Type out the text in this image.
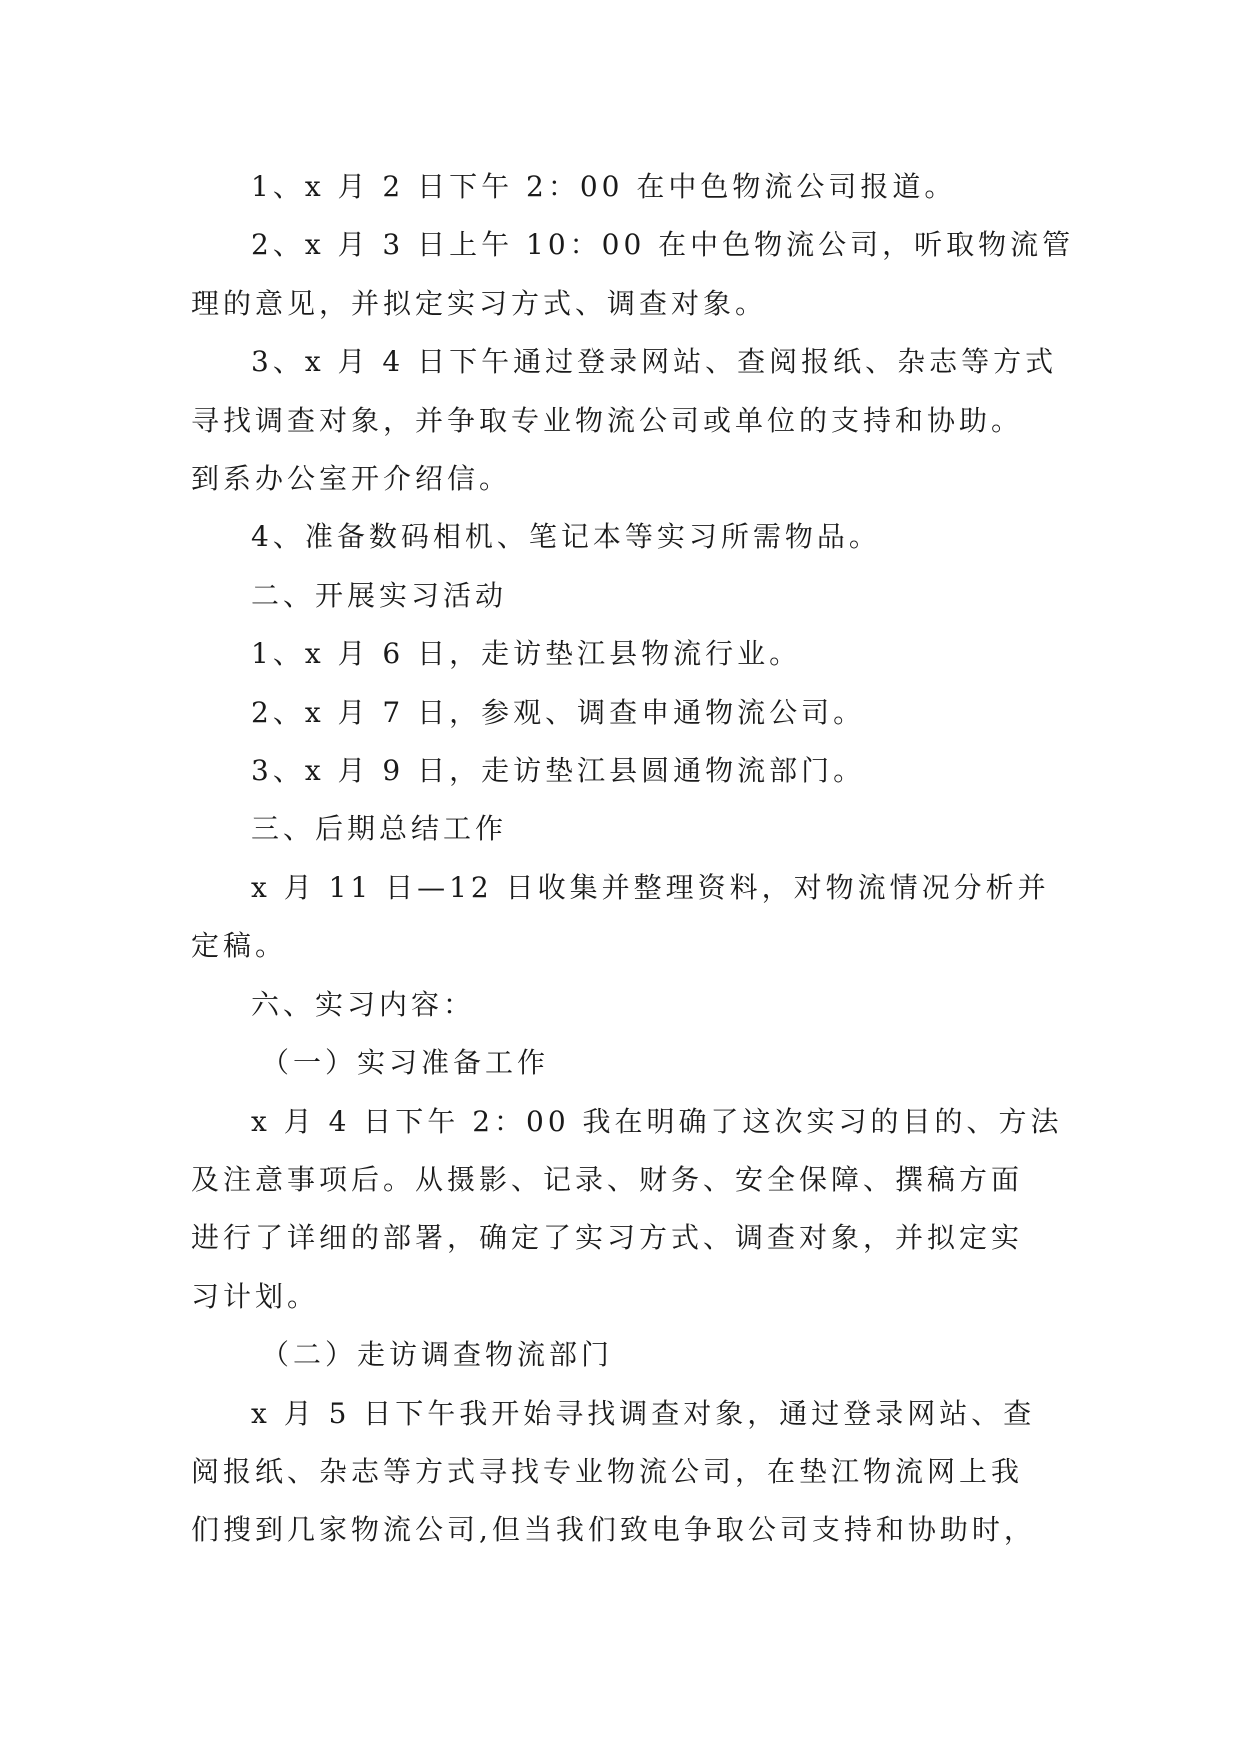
1、x 月 2 日下午 2：00 在中色物流公司报道。

2、x 月 3 日上午 10：00 在中色物流公司，听取物流管

理的意见，并拟定实习方式、调查对象。

3、x 月 4 日下午通过登录网站、查阅报纸、杂志等方式

寻找调查对象，并争取专业物流公司或单位的支持和协助。

到系办公室开介绍信。

4、准备数码相机、笔记本等实习所需物品。

二、开展实习活动

1、x 月 6 日，走访垫江县物流行业。

2、x 月 7 日，参观、调查申通物流公司。

3、x 月 9 日，走访垫江县圆通物流部门。

三、后期总结工作

x 月 11 日—12 日收集并整理资料，对物流情况分析并

定稿。

六、实习内容：

（一）实习准备工作

x 月 4 日下午 2：00 我在明确了这次实习的目的、方法

及注意事项后。从摄影、记录、财务、安全保障、撰稿方面

进行了详细的部署，确定了实习方式、调查对象，并拟定实

习计划。

（二）走访调查物流部门

x 月 5 日下午我开始寻找调查对象，通过登录网站、查

阅报纸、杂志等方式寻找专业物流公司，在垫江物流网上我

们搜到几家物流公司,但当我们致电争取公司支持和协助时，
